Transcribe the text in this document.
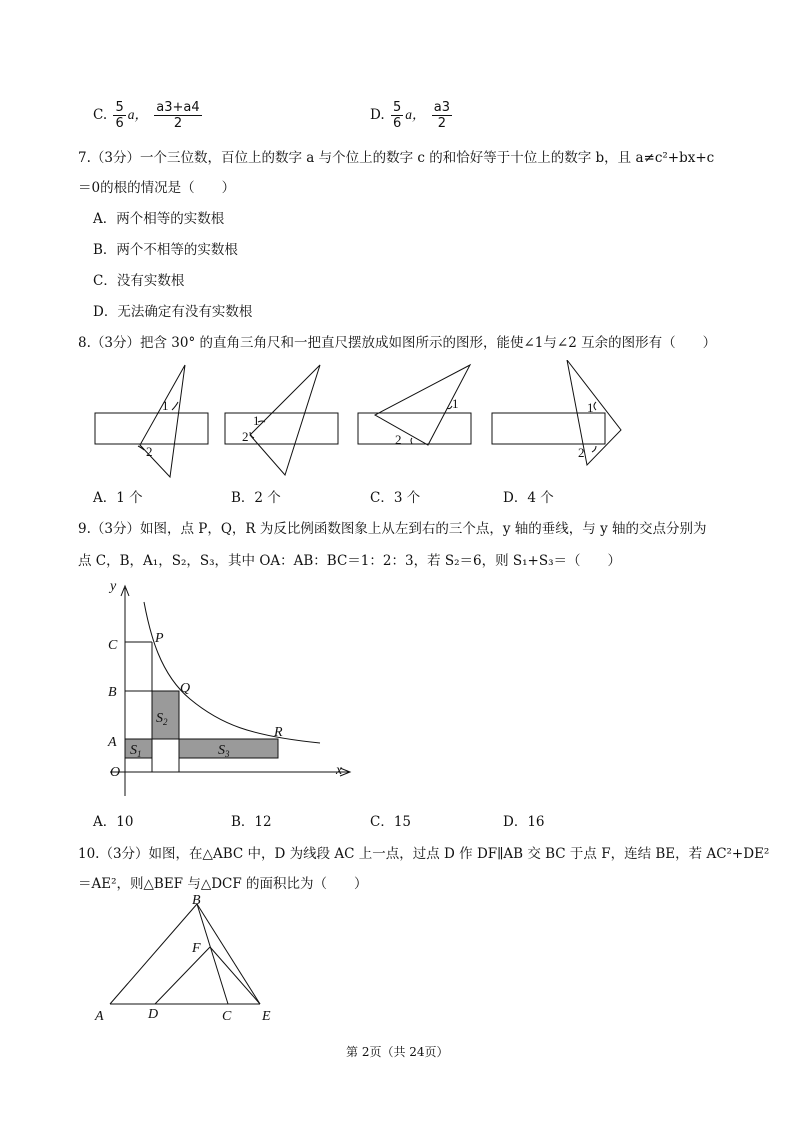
C. $\frac{5}{6}$ a， $\frac{a3+a4}{2}$	D. $\frac{5}{6}$ a， $\frac{a3}{2}$
7.（3分）一个三位数，百位上的数字 a 与个位上的数字 c 的和恰好等于十位上的数字 b，且 a≠c²+bx+c
＝0的根的情况是（　　）
A．两个相等的实数根
B．两个不相等的实数根
C．没有实数根
D．无法确定有没有实数根
8.（3分）把含 30° 的直角三角尺和一把直尺摆放成如图所示的图形，能使∠1与∠2 互余的图形有（　　）
1
2
1
2
1
2
1
2
A．1 个	B．2 个	C．3 个	D．4 个
9.（3分）如图，点 P，Q，R 为反比例函数图象上从左到右的三个点，y 轴的垂线，与 y 轴的交点分别为
点 C，B，A₁，S₂，S₃，其中 OA：AB：BC＝1：2：3，若 S₂＝6，则 S₁+S₃＝（　　）
y
x
O
A
B
C	P
Q
R
$S_1$
$S_2$
$S_3$
A．10	B．12	C．15	D．16
10.（3分）如图，在△ABC 中，D 为线段 AC 上一点，过点 D 作 DF∥AB 交 BC 于点 F，连结 BE，若 AC²+DE²
＝AE²，则△BEF 与△DCF 的面积比为（　　）
A
B
C
D	E
F
第 2页（共 24页）
